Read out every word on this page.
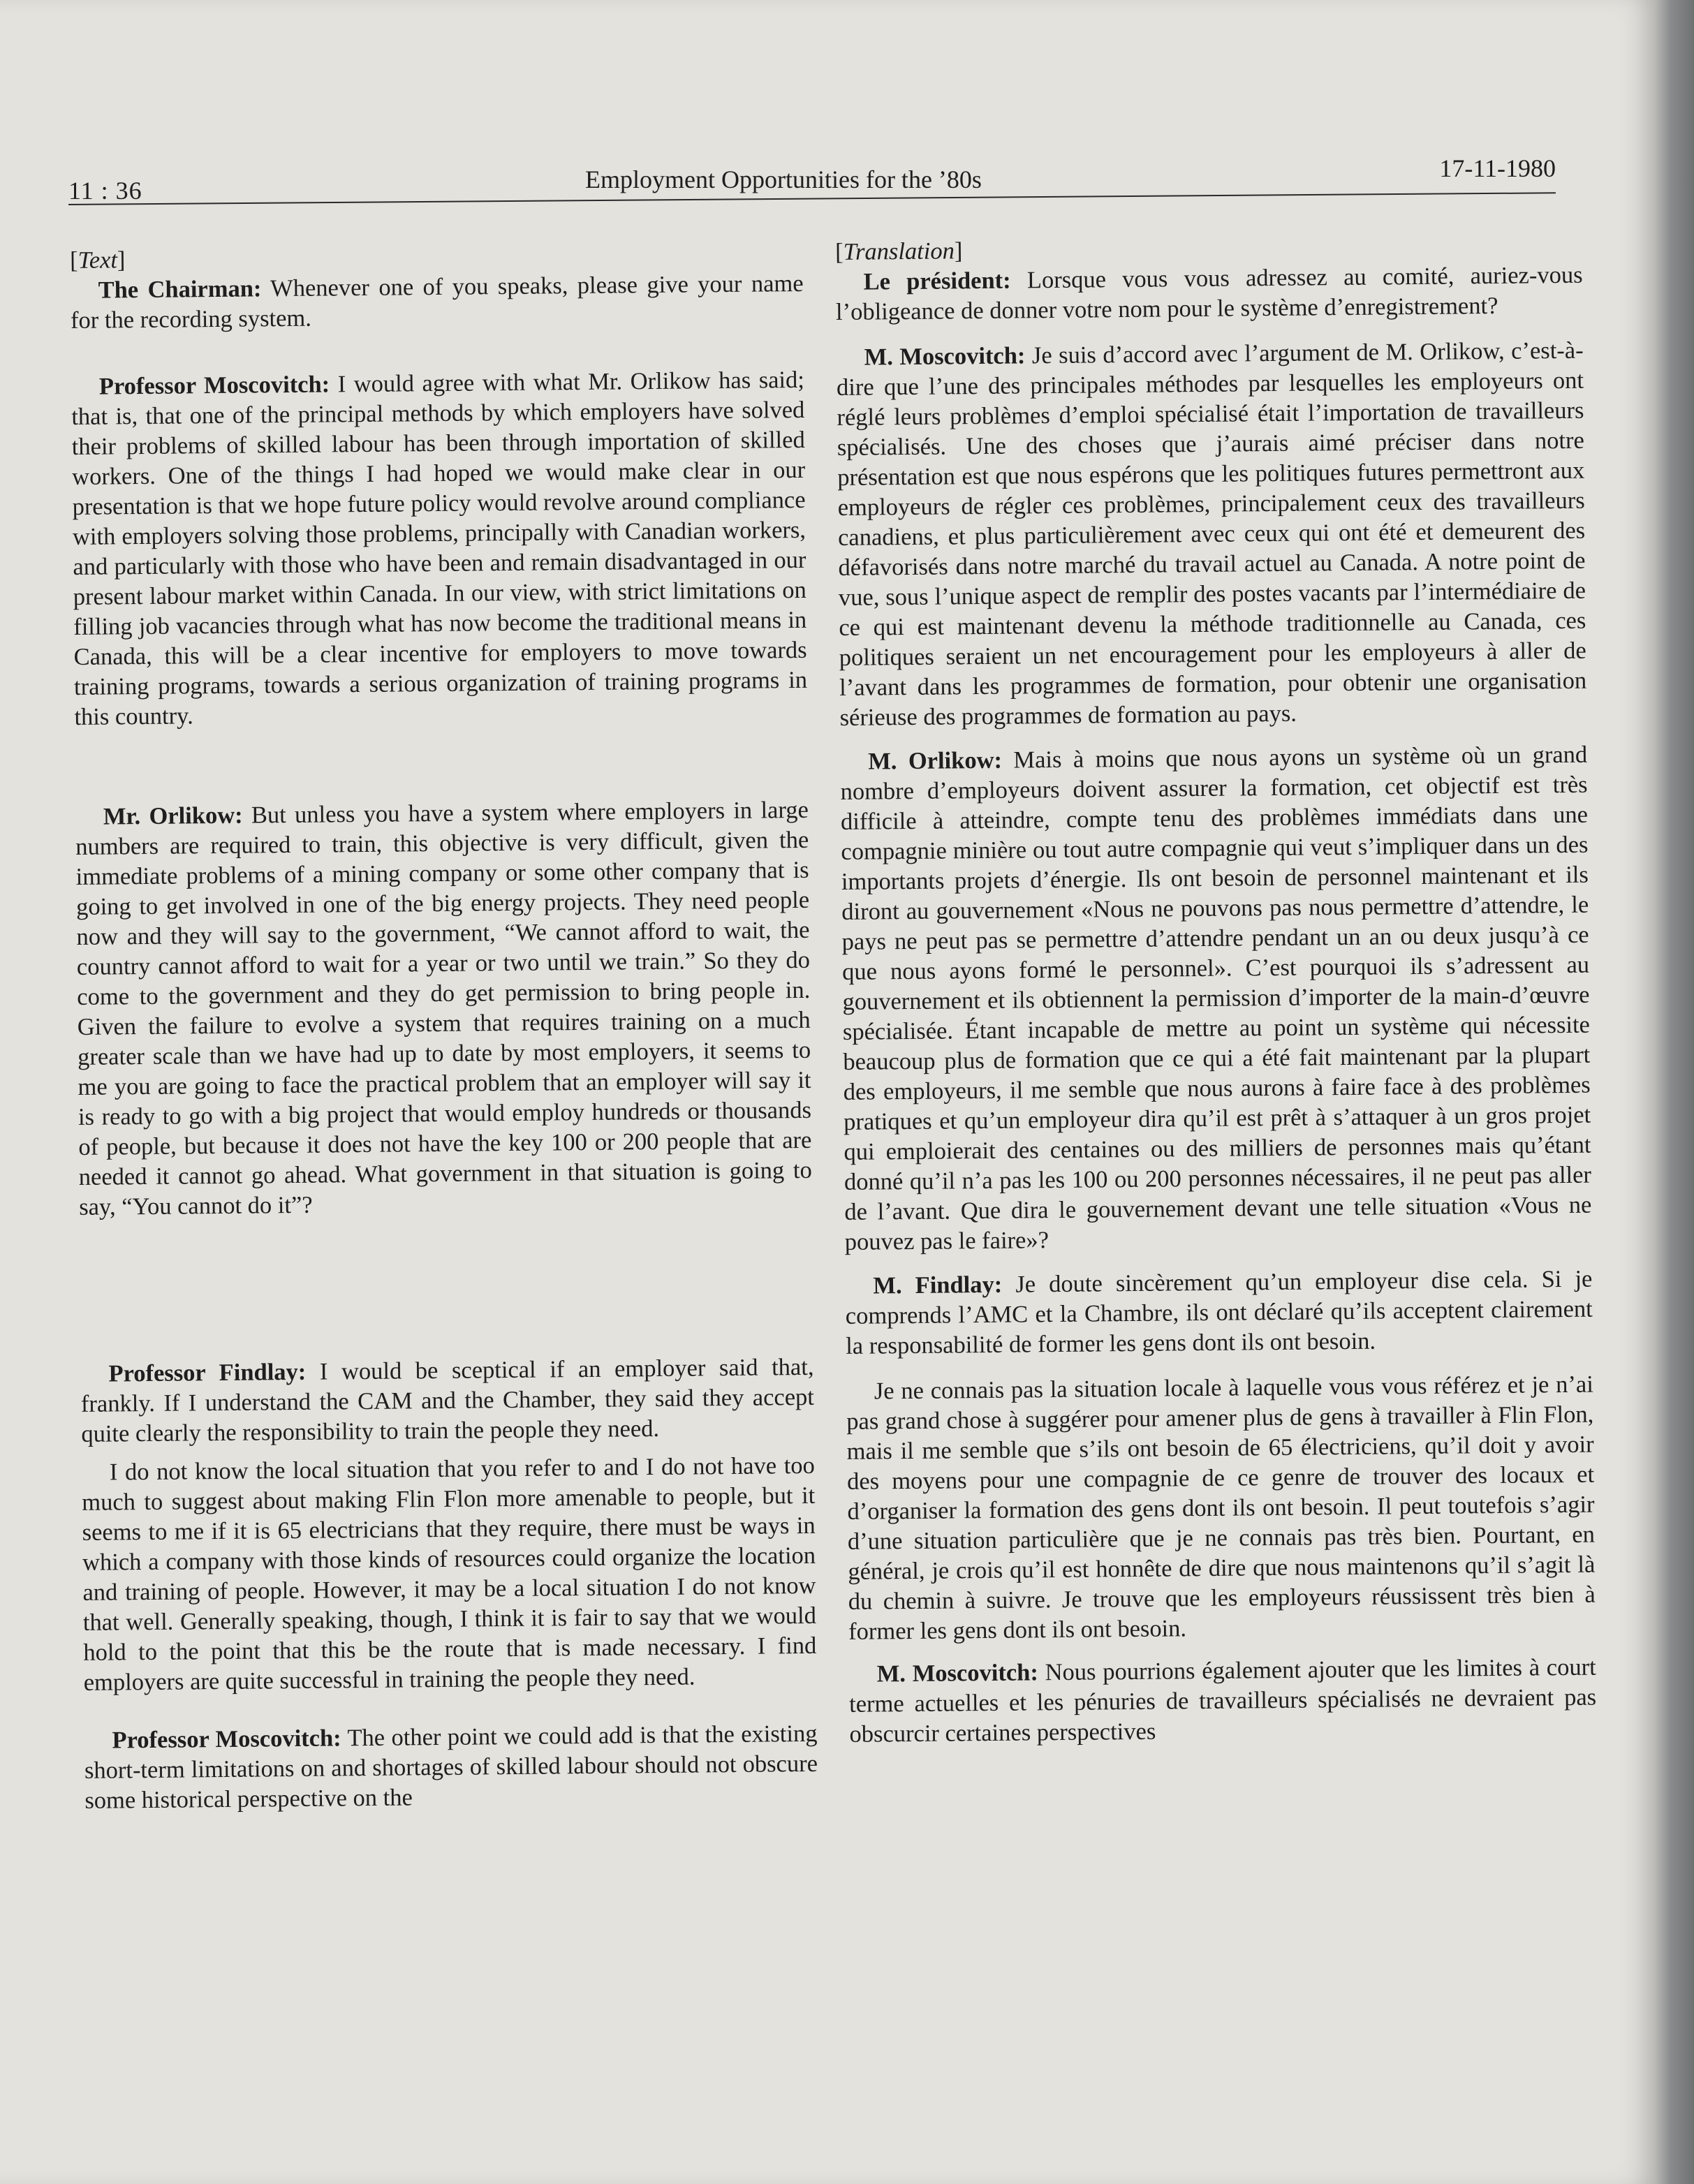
11 : 36	Employment Opportunities for the ’80s	17-11-1980

[Text]

The Chairman: Whenever one of you speaks, please give your name for the recording system.

Professor Moscovitch: I would agree with what Mr. Orlikow has said; that is, that one of the principal methods by which employers have solved their problems of skilled labour has been through importation of skilled workers. One of the things I had hoped we would make clear in our presentation is that we hope future policy would revolve around compliance with employers solving those problems, principally with Canadian workers, and particularly with those who have been and remain disadvantaged in our present labour market within Canada. In our view, with strict limitations on filling job vacancies through what has now become the traditional means in Canada, this will be a clear incentive for employers to move towards training programs, towards a serious organization of training programs in this country.

Mr. Orlikow: But unless you have a system where employers in large numbers are required to train, this objective is very difficult, given the immediate problems of a mining company or some other company that is going to get involved in one of the big energy projects. They need people now and they will say to the government, “We cannot afford to wait, the country cannot afford to wait for a year or two until we train.” So they do come to the government and they do get permission to bring people in. Given the failure to evolve a system that requires training on a much greater scale than we have had up to date by most employers, it seems to me you are going to face the practical problem that an employer will say it is ready to go with a big project that would employ hundreds or thousands of people, but because it does not have the key 100 or 200 people that are needed it cannot go ahead. What government in that situation is going to say, “You cannot do it”?

Professor Findlay: I would be sceptical if an employer said that, frankly. If I understand the CAM and the Chamber, they said they accept quite clearly the responsibility to train the people they need.

I do not know the local situation that you refer to and I do not have too much to suggest about making Flin Flon more amenable to people, but it seems to me if it is 65 electricians that they require, there must be ways in which a company with those kinds of resources could organize the location and training of people. However, it may be a local situation I do not know that well. Generally speaking, though, I think it is fair to say that we would hold to the point that this be the route that is made necessary. I find employers are quite successful in training the people they need.

Professor Moscovitch: The other point we could add is that the existing short-term limitations on and shortages of skilled labour should not obscure some historical perspective on the

[Translation]

Le président: Lorsque vous vous adressez au comité, auriez-vous l’obligeance de donner votre nom pour le système d’enregistrement?

M. Moscovitch: Je suis d’accord avec l’argument de M. Orlikow, c’est-à-dire que l’une des principales méthodes par lesquelles les employeurs ont réglé leurs problèmes d’emploi spécialisé était l’importation de travailleurs spécialisés. Une des choses que j’aurais aimé préciser dans notre présentation est que nous espérons que les politiques futures permettront aux employeurs de régler ces problèmes, principalement ceux des travailleurs canadiens, et plus particulièrement avec ceux qui ont été et demeurent des défavorisés dans notre marché du travail actuel au Canada. A notre point de vue, sous l’unique aspect de remplir des postes vacants par l’intermédiaire de ce qui est maintenant devenu la méthode traditionnelle au Canada, ces politiques seraient un net encouragement pour les employeurs à aller de l’avant dans les programmes de formation, pour obtenir une organisation sérieuse des programmes de formation au pays.

M. Orlikow: Mais à moins que nous ayons un système où un grand nombre d’employeurs doivent assurer la formation, cet objectif est très difficile à atteindre, compte tenu des problèmes immédiats dans une compagnie minière ou tout autre compagnie qui veut s’impliquer dans un des importants projets d’énergie. Ils ont besoin de personnel maintenant et ils diront au gouvernement «Nous ne pouvons pas nous permettre d’attendre, le pays ne peut pas se permettre d’attendre pendant un an ou deux jusqu’à ce que nous ayons formé le personnel». C’est pourquoi ils s’adressent au gouvernement et ils obtiennent la permission d’importer de la main-d’œuvre spécialisée. Étant incapable de mettre au point un système qui nécessite beaucoup plus de formation que ce qui a été fait maintenant par la plupart des employeurs, il me semble que nous aurons à faire face à des problèmes pratiques et qu’un employeur dira qu’il est prêt à s’attaquer à un gros projet qui emploierait des centaines ou des milliers de personnes mais qu’étant donné qu’il n’a pas les 100 ou 200 personnes nécessaires, il ne peut pas aller de l’avant. Que dira le gouvernement devant une telle situation «Vous ne pouvez pas le faire»?

M. Findlay: Je doute sincèrement qu’un employeur dise cela. Si je comprends l’AMC et la Chambre, ils ont déclaré qu’ils acceptent clairement la responsabilité de former les gens dont ils ont besoin.

Je ne connais pas la situation locale à laquelle vous vous référez et je n’ai pas grand chose à suggérer pour amener plus de gens à travailler à Flin Flon, mais il me semble que s’ils ont besoin de 65 électriciens, qu’il doit y avoir des moyens pour une compagnie de ce genre de trouver des locaux et d’organiser la formation des gens dont ils ont besoin. Il peut toutefois s’agir d’une situation particulière que je ne connais pas très bien. Pourtant, en général, je crois qu’il est honnête de dire que nous maintenons qu’il s’agit là du chemin à suivre. Je trouve que les employeurs réussissent très bien à former les gens dont ils ont besoin.

M. Moscovitch: Nous pourrions également ajouter que les limites à court terme actuelles et les pénuries de travailleurs spécialisés ne devraient pas obscurcir certaines perspectives
